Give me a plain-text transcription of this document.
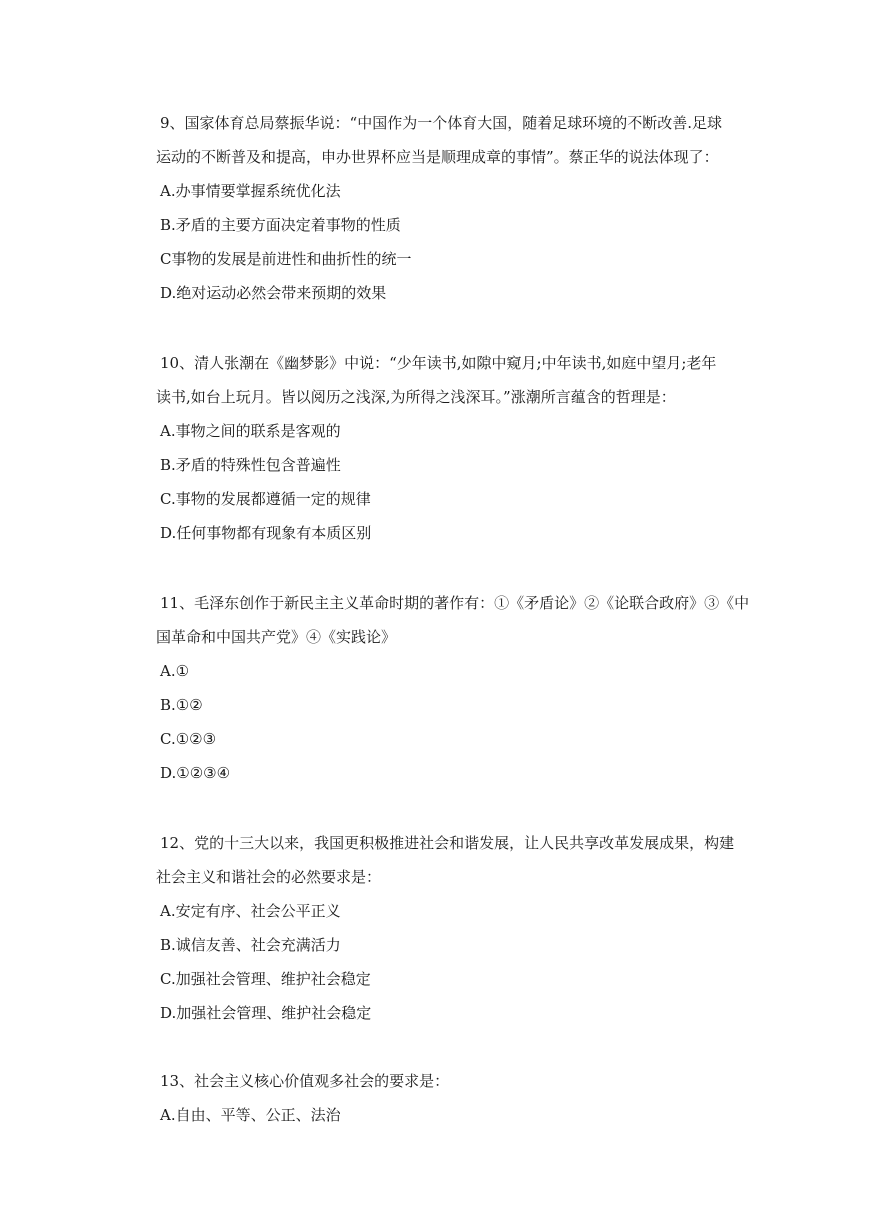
9、国家体育总局蔡振华说：“中国作为一个体育大国，随着足球环境的不断改善.足球
运动的不断普及和提高，申办世界杯应当是顺理成章的事情”。蔡正华的说法体现了：

A.办事情要掌握系统优化法

B.矛盾的主要方面决定着事物的性质

C事物的发展是前进性和曲折性的统一

D.绝对运动必然会带来预期的效果

10、清人张潮在《幽梦影》中说：“少年读书,如隙中窥月;中年读书,如庭中望月;老年
读书,如台上玩月。皆以阅历之浅深,为所得之浅深耳。”涨潮所言蕴含的哲理是：

A.事物之间的联系是客观的

B.矛盾的特殊性包含普遍性

C.事物的发展都遵循一定的规律

D.任何事物都有现象有本质区别

11、毛泽东创作于新民主主义革命时期的著作有：①《矛盾论》②《论联合政府》③《中
国革命和中国共产党》④《实践论》

A.①

B.①②

C.①②③

D.①②③④

12、党的十三大以来，我国更积极推进社会和谐发展，让人民共享改革发展成果，构建
社会主义和谐社会的必然要求是：

A.安定有序、社会公平正义

B.诚信友善、社会充满活力

C.加强社会管理、维护社会稳定

D.加强社会管理、维护社会稳定

13、社会主义核心价值观多社会的要求是：

A.自由、平等、公正、法治
